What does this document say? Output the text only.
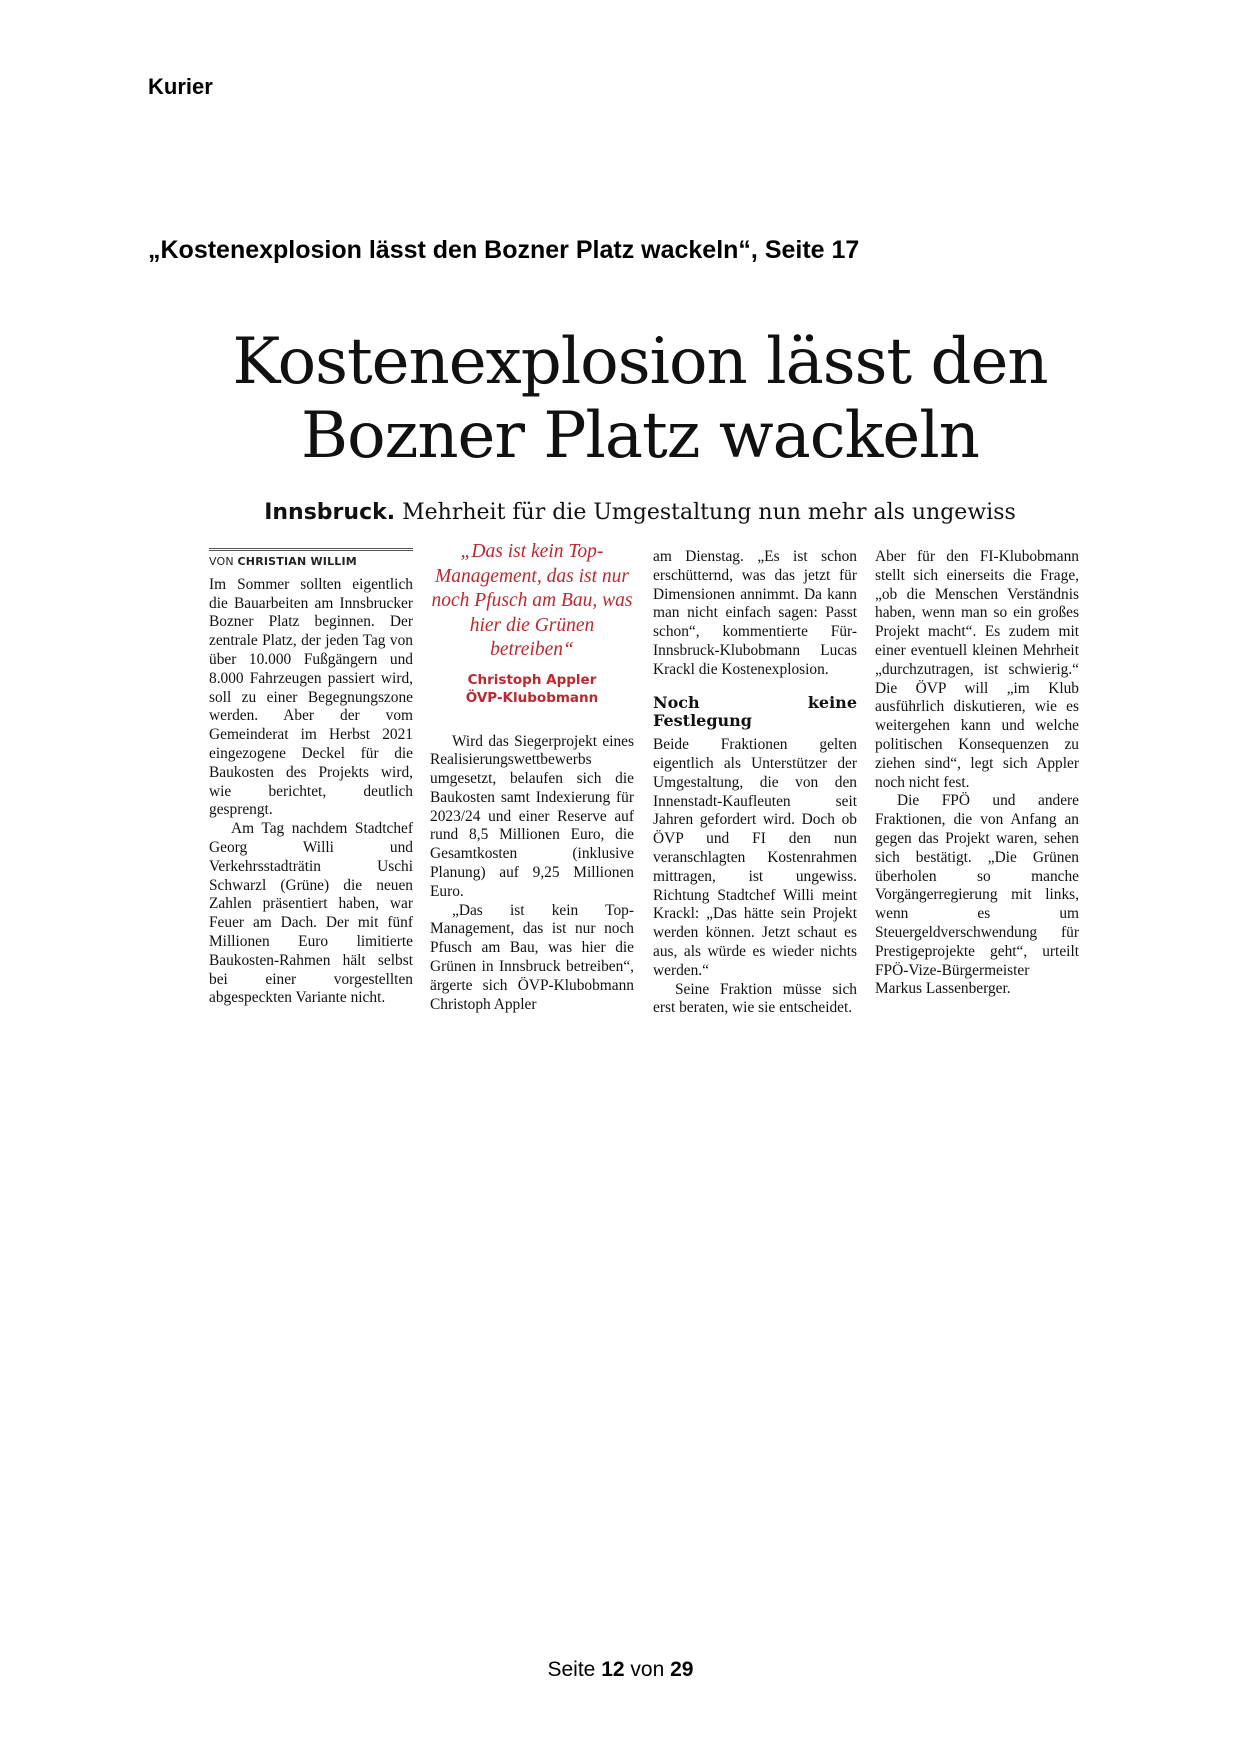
Kurier
„Kostenexplosion lässt den Bozner Platz wackeln“, Seite 17
Kostenexplosion lässt den
Bozner Platz wackeln
Innsbruck. Mehrheit für die Umgestaltung nun mehr als ungewiss
VON CHRISTIAN WILLIM

Im Sommer sollten eigentlich die Bauarbeiten am Innsbrucker Bozner Platz beginnen. Der zentrale Platz, der jeden Tag von über 10.000 Fußgängern und 8.000 Fahrzeugen passiert wird, soll zu einer Begegnungszone werden. Aber der vom Gemeinderat im Herbst 2021 eingezogene Deckel für die Baukosten des Projekts wird, wie berichtet, deutlich gesprengt.

Am Tag nachdem Stadtchef Georg Willi und Verkehrsstadträtin Uschi Schwarzl (Grüne) die neuen Zahlen präsentiert haben, war Feuer am Dach. Der mit fünf Millionen Euro limitierte Baukosten-Rahmen hält selbst bei einer vorgestellten abgespeckten Variante nicht.

„Das ist kein Top-Management, das ist nur noch Pfusch am Bau, was hier die Grünen betreiben“
Christoph Appler
ÖVP-Klubobmann

Wird das Siegerprojekt eines Realisierungswettbewerbs umgesetzt, belaufen sich die Baukosten samt Indexierung für 2023/24 und einer Reserve auf rund 8,5 Millionen Euro, die Gesamtkosten (inklusive Planung) auf 9,25 Millionen Euro.

„Das ist kein Top-Management, das ist nur noch Pfusch am Bau, was hier die Grünen in Innsbruck betreiben“, ärgerte sich ÖVP-Klubobmann Christoph Appler

am Dienstag. „Es ist schon erschütternd, was das jetzt für Dimensionen annimmt. Da kann man nicht einfach sagen: Passt schon“, kommentierte Für-Innsbruck-Klubobmann Lucas Krackl die Kostenexplosion.

Noch keine Festlegung

Beide Fraktionen gelten eigentlich als Unterstützer der Umgestaltung, die von den Innenstadt-Kaufleuten seit Jahren gefordert wird. Doch ob ÖVP und FI den nun veranschlagten Kostenrahmen mittragen, ist ungewiss. Richtung Stadtchef Willi meint Krackl: „Das hätte sein Projekt werden können. Jetzt schaut es aus, als würde es wieder nichts werden.“

Seine Fraktion müsse sich erst beraten, wie sie entscheidet.

Aber für den FI-Klubobmann stellt sich einerseits die Frage, „ob die Menschen Verständnis haben, wenn man so ein großes Projekt macht“. Es zudem mit einer eventuell kleinen Mehrheit „durchzutragen, ist schwierig.“ Die ÖVP will „im Klub ausführlich diskutieren, wie es weitergehen kann und welche politischen Konsequenzen zu ziehen sind“, legt sich Appler noch nicht fest.

Die FPÖ und andere Fraktionen, die von Anfang an gegen das Projekt waren, sehen sich bestätigt. „Die Grünen überholen so manche Vorgängerregierung mit links, wenn es um Steuergeldverschwendung für Prestigeprojekte geht“, urteilt FPÖ-Vize-Bürgermeister Markus Lassenberger.

Seite 12 von 29
